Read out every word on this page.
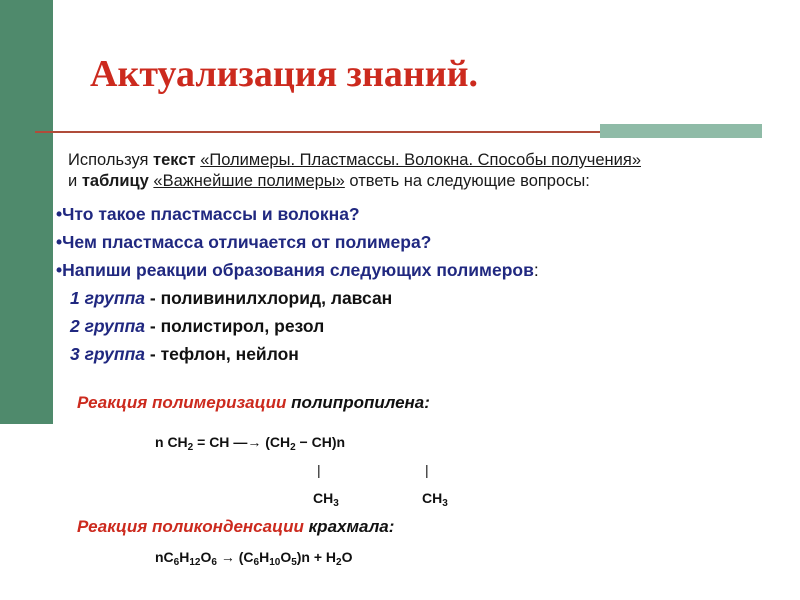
Актуализация знаний.
Используя текст «Полимеры. Пластмассы. Волокна. Способы получения»
и таблицу «Важнейшие полимеры» ответь на следующие вопросы:
•Что такое пластмассы и волокна?
•Чем пластмасса отличается от полимера?
•Напиши реакции образования следующих полимеров:
1 группа - поливинилхлорид, лавсан
2 группа - полистирол, резол
3 группа - тефлон, нейлон
Реакция полимеризации полипропилена:
n $CH_2$ = CH —→ $(CH_2 - CH)n$
|	|
$CH_3$	$CH_3$
Реакция поликонденсации крахмала:
$nC_6H_{12}O_6 \to (C_6H_{10}O_5)n + H_2O$
